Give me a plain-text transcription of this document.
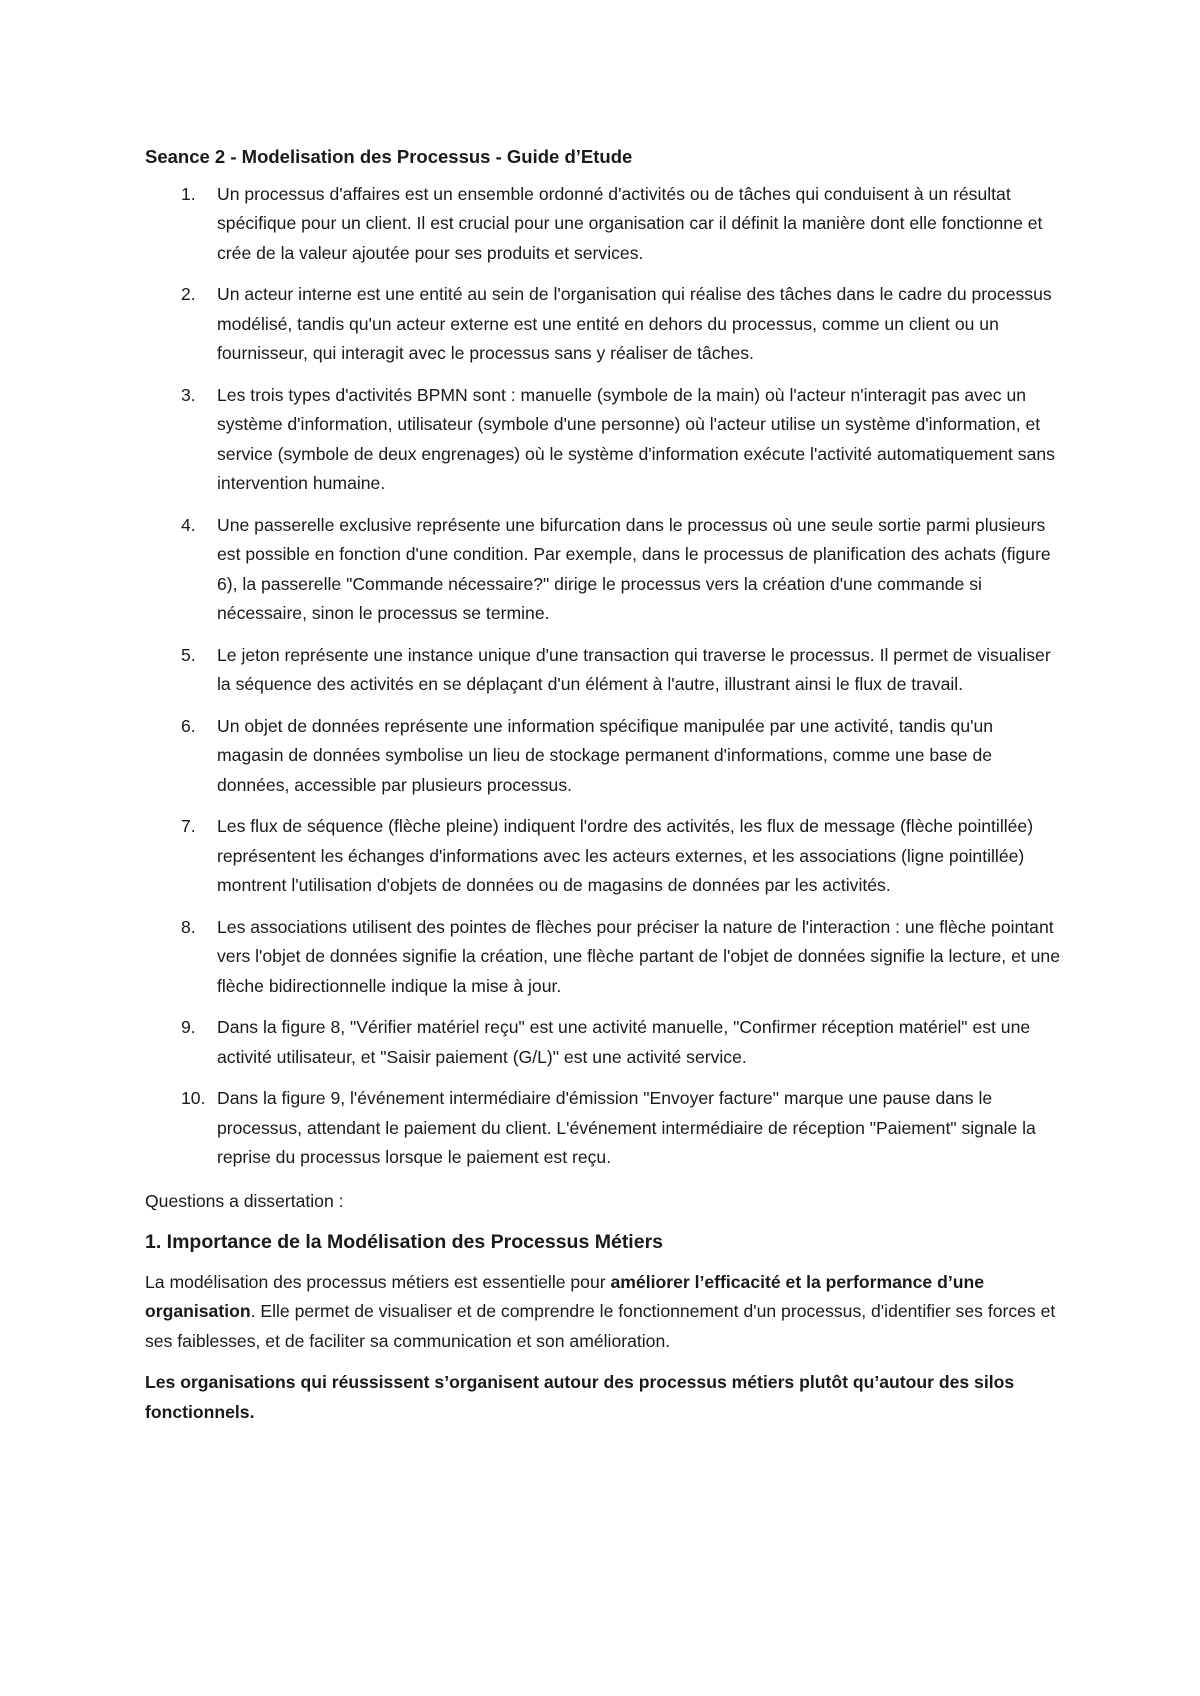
Seance 2 - Modelisation des Processus - Guide d’Etude
1. Un processus d'affaires est un ensemble ordonné d'activités ou de tâches qui conduisent à un résultat spécifique pour un client. Il est crucial pour une organisation car il définit la manière dont elle fonctionne et crée de la valeur ajoutée pour ses produits et services.
2. Un acteur interne est une entité au sein de l'organisation qui réalise des tâches dans le cadre du processus modélisé, tandis qu'un acteur externe est une entité en dehors du processus, comme un client ou un fournisseur, qui interagit avec le processus sans y réaliser de tâches.
3. Les trois types d'activités BPMN sont : manuelle (symbole de la main) où l'acteur n'interagit pas avec un système d'information, utilisateur (symbole d'une personne) où l'acteur utilise un système d'information, et service (symbole de deux engrenages) où le système d'information exécute l'activité automatiquement sans intervention humaine.
4. Une passerelle exclusive représente une bifurcation dans le processus où une seule sortie parmi plusieurs est possible en fonction d'une condition. Par exemple, dans le processus de planification des achats (figure 6), la passerelle "Commande nécessaire?" dirige le processus vers la création d'une commande si nécessaire, sinon le processus se termine.
5. Le jeton représente une instance unique d'une transaction qui traverse le processus. Il permet de visualiser la séquence des activités en se déplaçant d'un élément à l'autre, illustrant ainsi le flux de travail.
6. Un objet de données représente une information spécifique manipulée par une activité, tandis qu'un magasin de données symbolise un lieu de stockage permanent d'informations, comme une base de données, accessible par plusieurs processus.
7. Les flux de séquence (flèche pleine) indiquent l'ordre des activités, les flux de message (flèche pointillée) représentent les échanges d'informations avec les acteurs externes, et les associations (ligne pointillée) montrent l'utilisation d'objets de données ou de magasins de données par les activités.
8. Les associations utilisent des pointes de flèches pour préciser la nature de l'interaction : une flèche pointant vers l'objet de données signifie la création, une flèche partant de l'objet de données signifie la lecture, et une flèche bidirectionnelle indique la mise à jour.
9. Dans la figure 8, "Vérifier matériel reçu" est une activité manuelle, "Confirmer réception matériel" est une activité utilisateur, et "Saisir paiement (G/L)" est une activité service.
10. Dans la figure 9, l'événement intermédiaire d'émission "Envoyer facture" marque une pause dans le processus, attendant le paiement du client. L'événement intermédiaire de réception "Paiement" signale la reprise du processus lorsque le paiement est reçu.
Questions a dissertation :
1. Importance de la Modélisation des Processus Métiers
La modélisation des processus métiers est essentielle pour améliorer l’efficacité et la performance d’une organisation. Elle permet de visualiser et de comprendre le fonctionnement d'un processus, d'identifier ses forces et ses faiblesses, et de faciliter sa communication et son amélioration.
Les organisations qui réussissent s’organisent autour des processus métiers plutôt qu’autour des silos fonctionnels.
